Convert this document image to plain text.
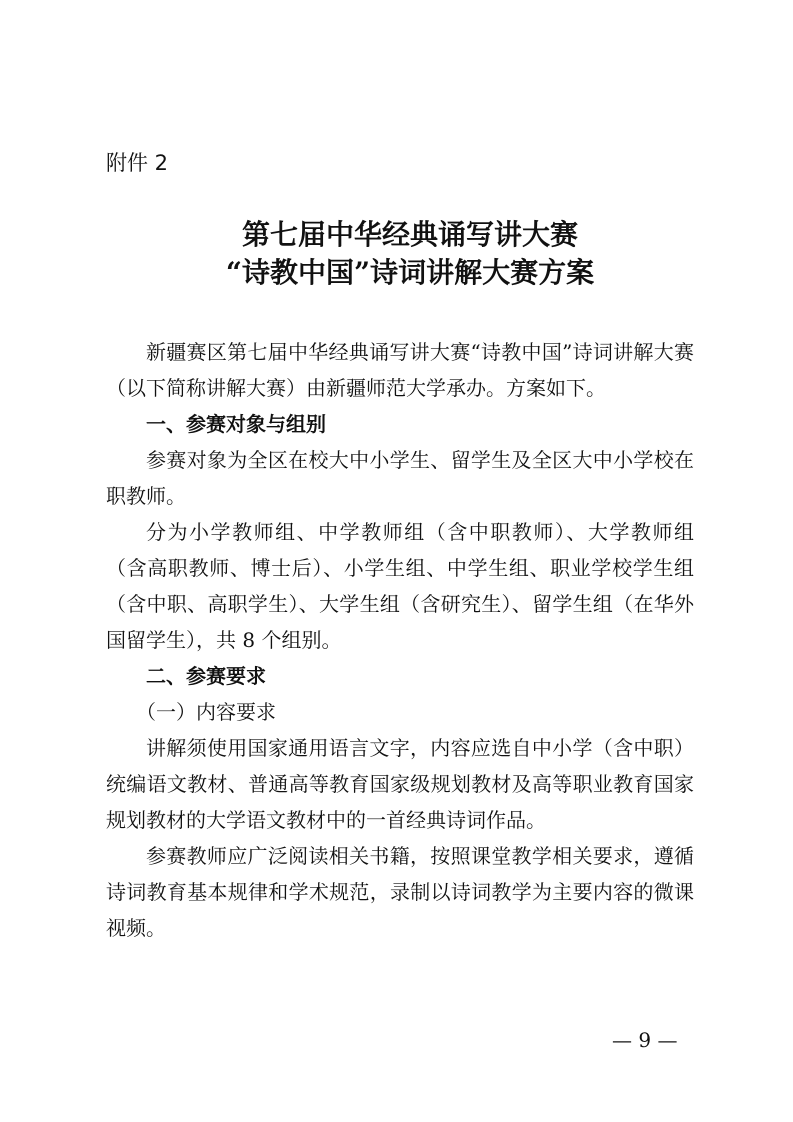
附件 2
第七届中华经典诵写讲大赛
“诗教中国”诗词讲解大赛方案

新疆赛区第七届中华经典诵写讲大赛“诗教中国”诗词讲解大赛（以下简称讲解大赛）由新疆师范大学承办。方案如下。

一、参赛对象与组别

参赛对象为全区在校大中小学生、留学生及全区大中小学校在职教师。

分为小学教师组、中学教师组（含中职教师）、大学教师组（含高职教师、博士后）、小学生组、中学生组、职业学校学生组（含中职、高职学生）、大学生组（含研究生）、留学生组（在华外国留学生），共 8 个组别。

二、参赛要求

（一）内容要求

讲解须使用国家通用语言文字，内容应选自中小学（含中职）统编语文教材、普通高等教育国家级规划教材及高等职业教育国家规划教材的大学语文教材中的一首经典诗词作品。

参赛教师应广泛阅读相关书籍，按照课堂教学相关要求，遵循诗词教育基本规律和学术规范，录制以诗词教学为主要内容的微课视频。

— 9 —
